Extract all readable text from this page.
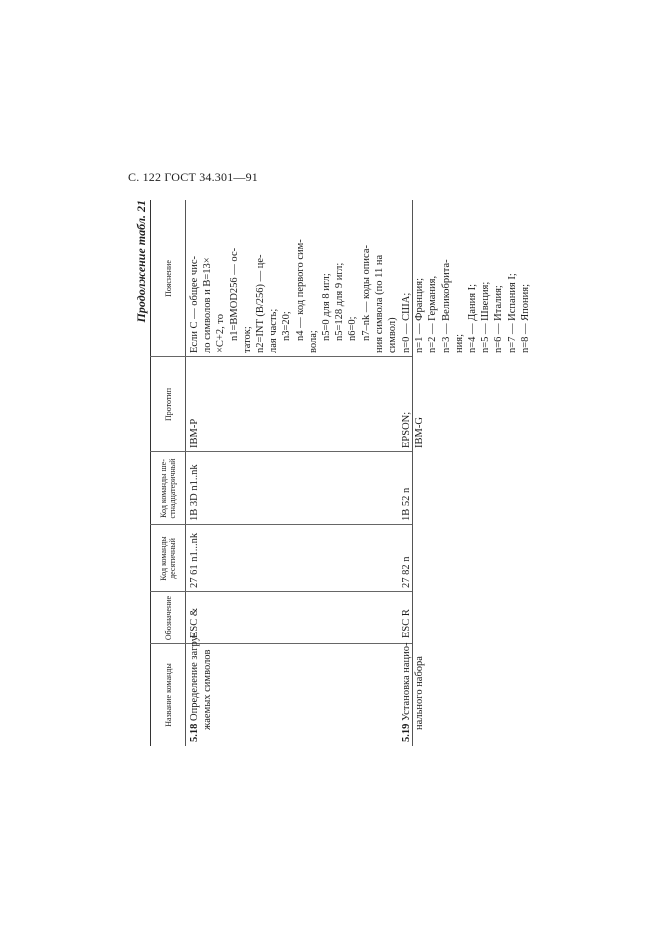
С. 122 ГОСТ 34.301—91
Продолжение табл. 21
Название команды
Обозначение
Код команды десятичный
Код команды ше- стнадцатеричный
Прототип
Пояснение
5.18 Определение загру- жаемых символов
ESC &
27 61 n1...nk
1B 3D n1..nk
IBM-P
Если С — общее чис- ло символов и B=13× ×С+2, то n1=BMOD256 — ос- таток; n2=INT (B/256) — це- лая часть; n3=20; n4 — код первого сим-
вола;
n5=0 для 8 игл; n5=128 для 9 игл; n6=0; n7–nk — коды описа- ния символа (по 11 на символ)
5.19 Установка нацио- нального набора
ESC R
27 82 n
1B 52 n
EPSON; IBM-G
n=0 — США; n=1 — Франция; n=2 — Германия, n=3 — Великобрита- ния; n=4 — Дания I; n=5 — Швеция; n=6 — Италия; n=7 — Испания I; n=8 — Япония;
